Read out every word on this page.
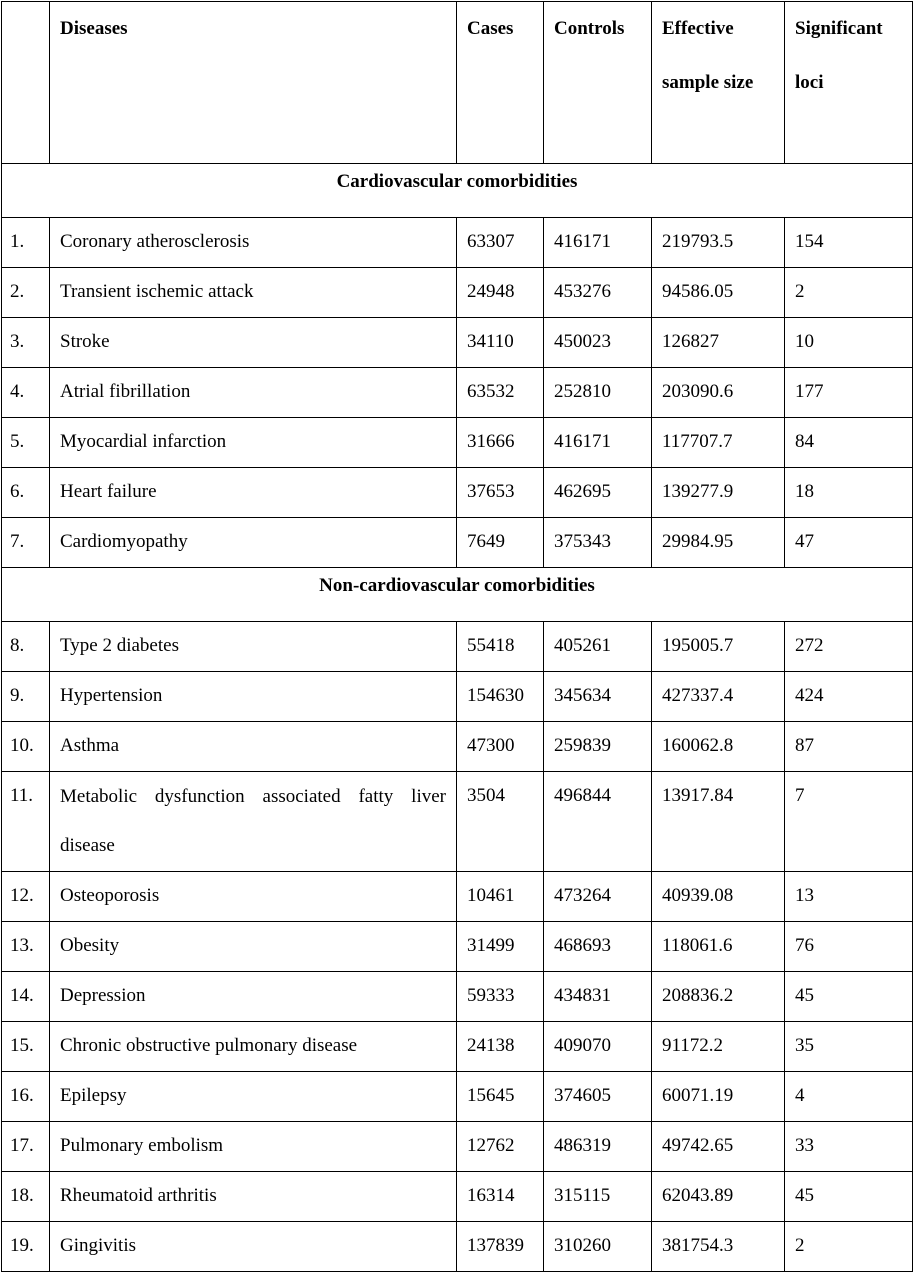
	Diseases	Cases	Controls	Effective sample size	Significant loci
Cardiovascular comorbidities					
1.	Coronary atherosclerosis	63307	416171	219793.5	154
2.	Transient ischemic attack	24948	453276	94586.05	2
3.	Stroke	34110	450023	126827	10
4.	Atrial fibrillation	63532	252810	203090.6	177
5.	Myocardial infarction	31666	416171	117707.7	84
6.	Heart failure	37653	462695	139277.9	18
7.	Cardiomyopathy	7649	375343	29984.95	47
Non-cardiovascular comorbidities					
8.	Type 2 diabetes	55418	405261	195005.7	272
9.	Hypertension	154630	345634	427337.4	424
10.	Asthma	47300	259839	160062.8	87
11.	Metabolic dysfunction associated fatty liver disease	3504	496844	13917.84	7
12.	Osteoporosis	10461	473264	40939.08	13
13.	Obesity	31499	468693	118061.6	76
14.	Depression	59333	434831	208836.2	45
15.	Chronic obstructive pulmonary disease	24138	409070	91172.2	35
16.	Epilepsy	15645	374605	60071.19	4
17.	Pulmonary embolism	12762	486319	49742.65	33
18.	Rheumatoid arthritis	16314	315115	62043.89	45
19.	Gingivitis	137839	310260	381754.3	2
